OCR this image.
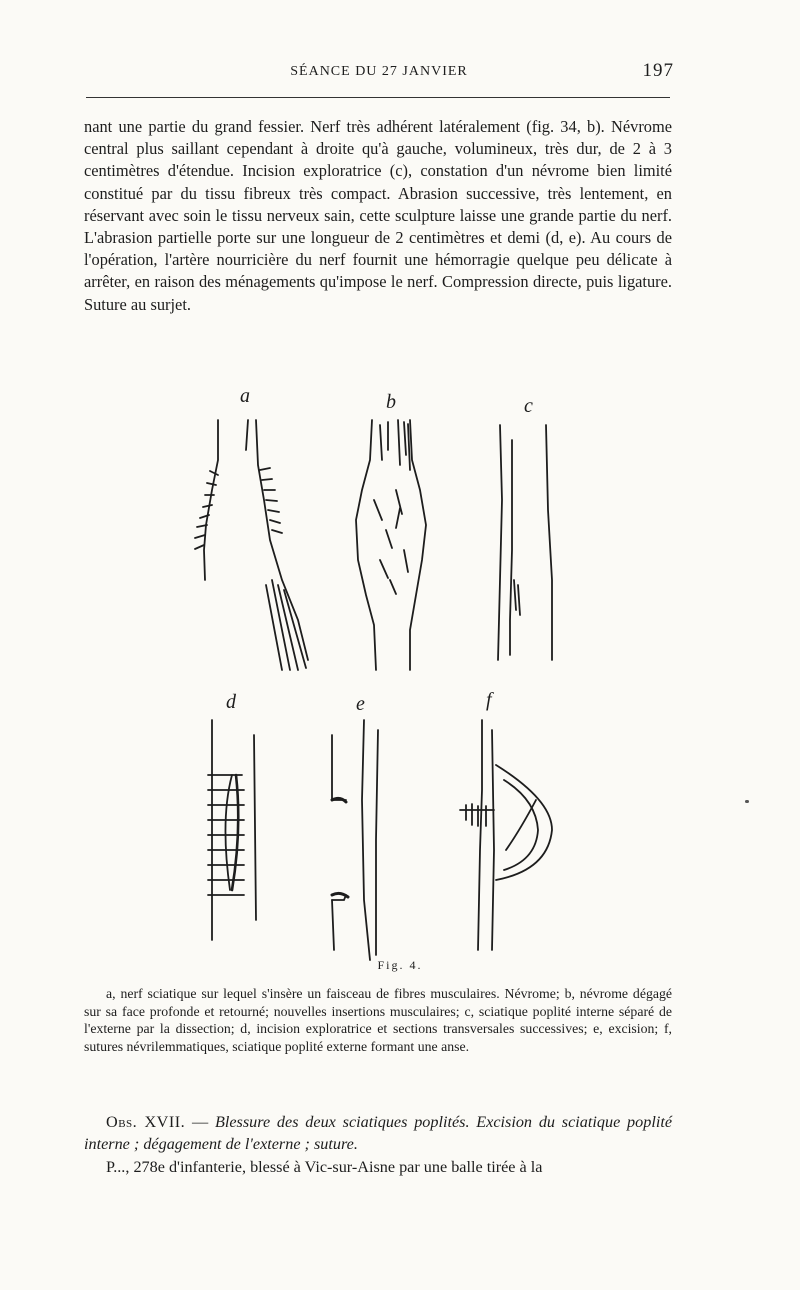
SÉANCE DU 27 JANVIER	197

nant une partie du grand fessier. Nerf très adhérent latéralement (fig. 34, b). Névrome central plus saillant cependant à droite qu'à gauche, volumineux, très dur, de 2 à 3 centimètres d'étendue. Incision exploratrice (c), constation d'un névrome bien limité constitué par du tissu fibreux très compact. Abrasion successive, très lentement, en réservant avec soin le tissu nerveux sain, cette sculpture laisse une grande partie du nerf. L'abrasion partielle porte sur une longueur de 2 centimètres et demi (d, e). Au cours de l'opération, l'artère nourricière du nerf fournit une hémorragie quelque peu délicate à arrêter, en raison des ménagements qu'impose le nerf. Compression directe, puis ligature. Suture au surjet.

a	b	c
d	e	f
Fig. 4.

a, nerf sciatique sur lequel s'insère un faisceau de fibres musculaires. Névrome; b, névrome dégagé sur sa face profonde et retourné; nouvelles insertions musculaires; c, sciatique poplité interne séparé de l'externe par la dissection; d, incision exploratrice et sections transversales successives; e, excision; f, sutures névrilemmatiques, sciatique poplité externe formant une anse.

Obs. XVII. — Blessure des deux sciatiques poplités. Excision du sciatique poplité interne ; dégagement de l'externe ; suture.

P..., 278e d'infanterie, blessé à Vic-sur-Aisne par une balle tirée à la
